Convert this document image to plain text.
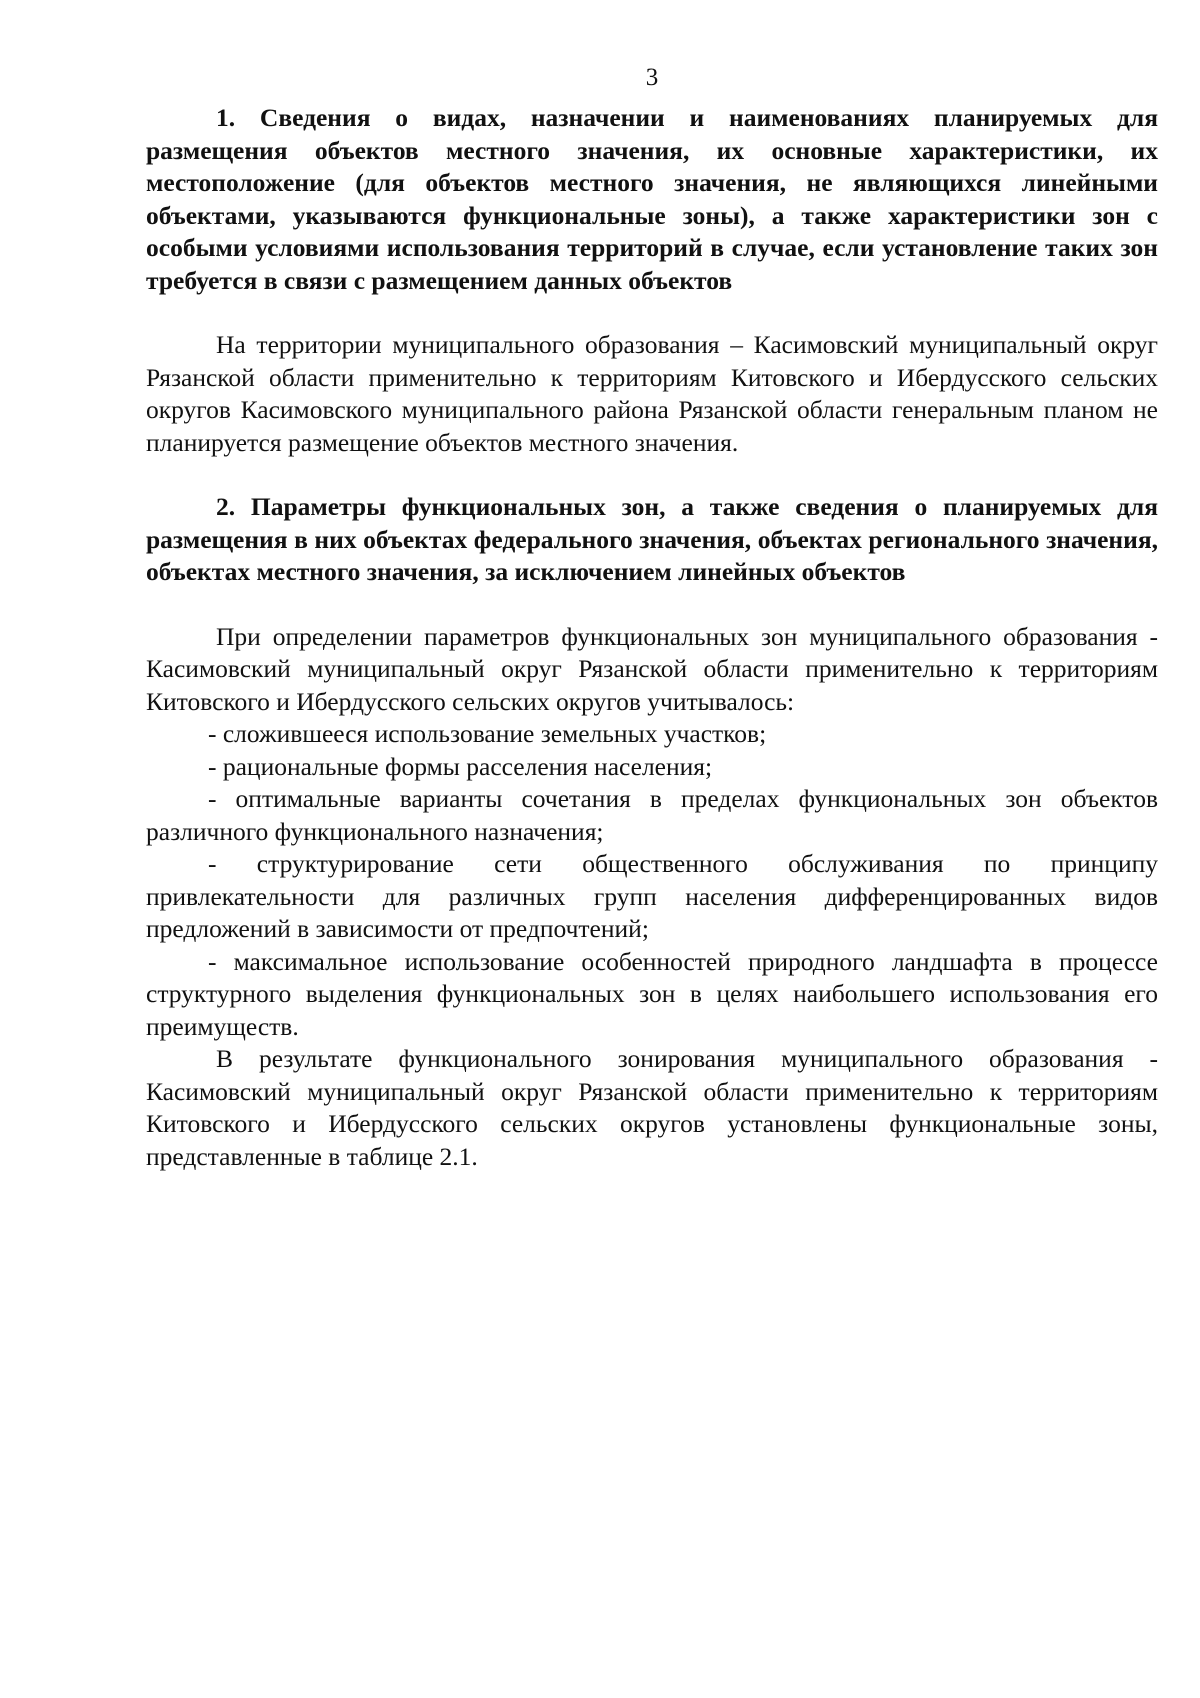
3

1. Сведения о видах, назначении и наименованиях планируемых для размещения объектов местного значения, их основные характеристики, их местоположение (для объектов местного значения, не являющихся линейными объектами, указываются функциональные зоны), а также характеристики зон с особыми условиями использования территорий в случае, если установление таких зон требуется в связи с размещением данных объектов

На территории муниципального образования – Касимовский муниципальный округ Рязанской области применительно к территориям Китовского и Ибердусского сельских округов Касимовского муниципального района Рязанской области генеральным планом не планируется размещение объектов местного значения.

2. Параметры функциональных зон, а также сведения о планируемых для размещения в них объектах федерального значения, объектах регионального значения, объектах местного значения, за исключением линейных объектов

При определении параметров функциональных зон муниципального образования - Касимовский муниципальный округ Рязанской области применительно к территориям Китовского и Ибердусского сельских округов учитывалось:

- сложившееся использование земельных участков;
- рациональные формы расселения населения;
- оптимальные варианты сочетания в пределах функциональных зон объектов различного функционального назначения;
- структурирование сети общественного обслуживания по принципу привлекательности для различных групп населения дифференцированных видов предложений в зависимости от предпочтений;
- максимальное использование особенностей природного ландшафта в процессе структурного выделения функциональных зон в целях наибольшего использования его преимуществ.

В результате функционального зонирования муниципального образования - Касимовский муниципальный округ Рязанской области применительно к территориям Китовского и Ибердусского сельских округов установлены функциональные зоны, представленные в таблице 2.1.
